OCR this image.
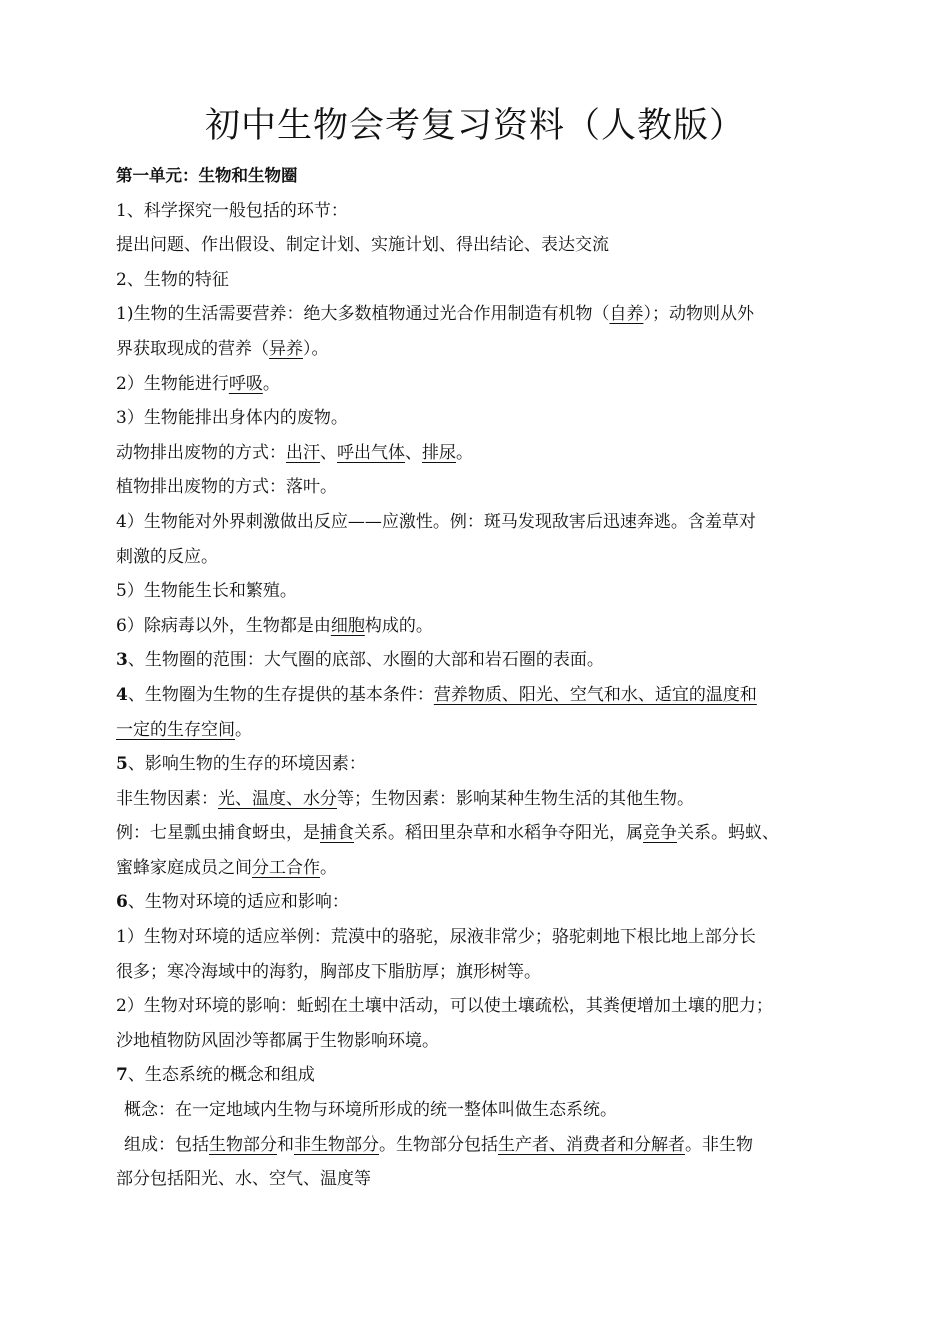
初中生物会考复习资料（人教版）
第一单元：生物和生物圈
1、科学探究一般包括的环节：
提出问题、作出假设、制定计划、实施计划、得出结论、表达交流
2、生物的特征
1)生物的生活需要营养：绝大多数植物通过光合作用制造有机物（自养）；动物则从外
界获取现成的营养（异养）。
2）生物能进行呼吸。
3）生物能排出身体内的废物。
动物排出废物的方式：出汗、呼出气体、排尿。
植物排出废物的方式：落叶。
4）生物能对外界刺激做出反应——应激性。例：斑马发现敌害后迅速奔逃。含羞草对
刺激的反应。
5）生物能生长和繁殖。
6）除病毒以外，生物都是由细胞构成的。
3、生物圈的范围：大气圈的底部、水圈的大部和岩石圈的表面。
4、生物圈为生物的生存提供的基本条件：营养物质、阳光、空气和水、适宜的温度和
一定的生存空间。
5、影响生物的生存的环境因素：
非生物因素：光、温度、水分等；生物因素：影响某种生物生活的其他生物。
例：七星瓢虫捕食蚜虫，是捕食关系。稻田里杂草和水稻争夺阳光，属竞争关系。蚂蚁、
蜜蜂家庭成员之间分工合作。
6、生物对环境的适应和影响：
1）生物对环境的适应举例：荒漠中的骆驼，尿液非常少；骆驼刺地下根比地上部分长
很多；寒冷海域中的海豹，胸部皮下脂肪厚；旗形树等。
2）生物对环境的影响：蚯蚓在土壤中活动，可以使土壤疏松，其粪便增加土壤的肥力；
沙地植物防风固沙等都属于生物影响环境。
7、生态系统的概念和组成
概念：在一定地域内生物与环境所形成的统一整体叫做生态系统。
组成：包括生物部分和非生物部分。生物部分包括生产者、消费者和分解者。非生物
部分包括阳光、水、空气、温度等
